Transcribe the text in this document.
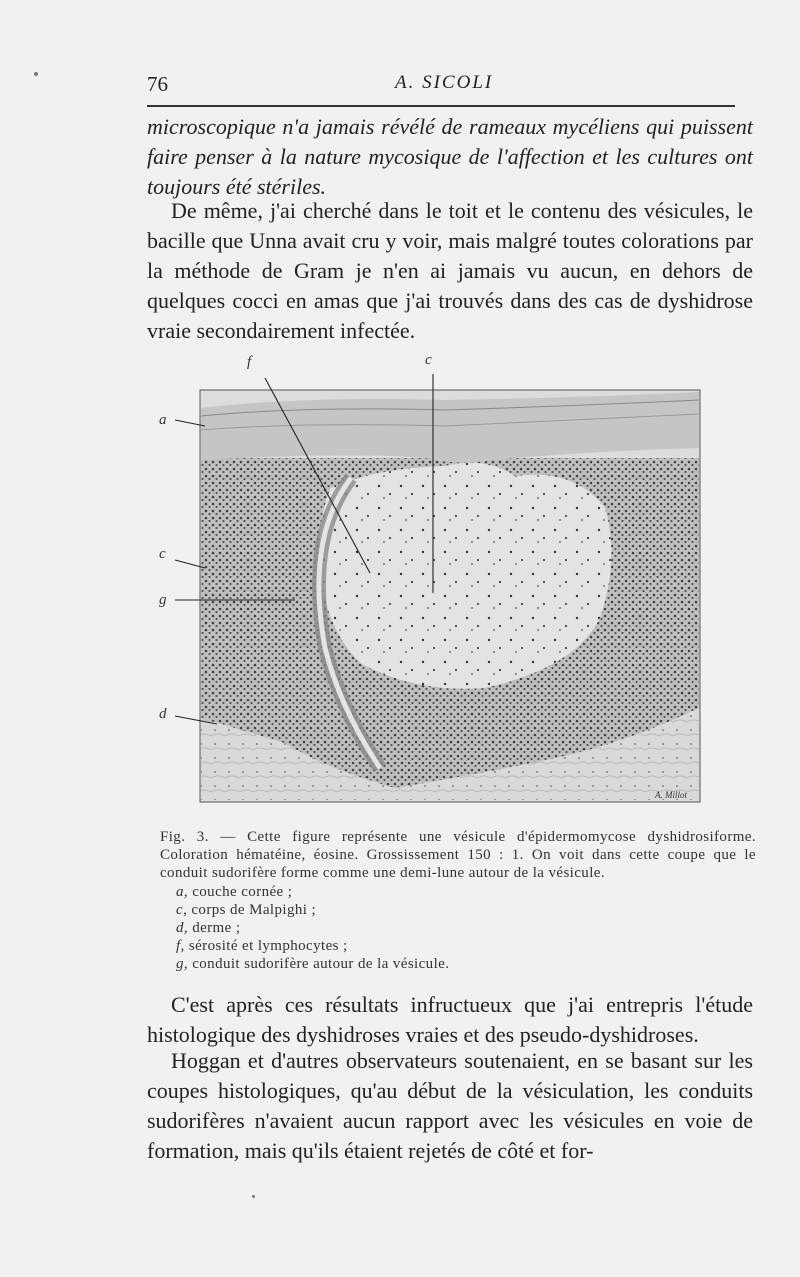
76	A. SICOLI

microscopique n'a jamais révélé de rameaux mycéliens qui puissent faire penser à la nature mycosique de l'affection et les cultures ont toujours été stériles.

De même, j'ai cherché dans le toit et le contenu des vésicules, le bacille que Unna avait cru y voir, mais malgré toutes colorations par la méthode de Gram je n'en ai jamais vu aucun, en dehors de quelques cocci en amas que j'ai trouvés dans des cas de dyshidrose vraie secondairement infectée.

a
c
g
d
f	c
A. Millot

Fig. 3. — Cette figure représente une vésicule d'épidermomycose dyshidrosiforme. Coloration hématéine, éosine. Grossissement 150 : 1. On voit dans cette coupe que le conduit sudorifère forme comme une demi-lune autour de la vésicule.

a, couche cornée ;

c, corps de Malpighi ;

d, derme ;

f, sérosité et lymphocytes ;

g, conduit sudorifère autour de la vésicule.

C'est après ces résultats infructueux que j'ai entrepris l'étude histologique des dyshidroses vraies et des pseudo-dyshidroses.

Hoggan et d'autres observateurs soutenaient, en se basant sur les coupes histologiques, qu'au début de la vésiculation, les conduits sudorifères n'avaient aucun rapport avec les vésicules en voie de formation, mais qu'ils étaient rejetés de côté et for-
